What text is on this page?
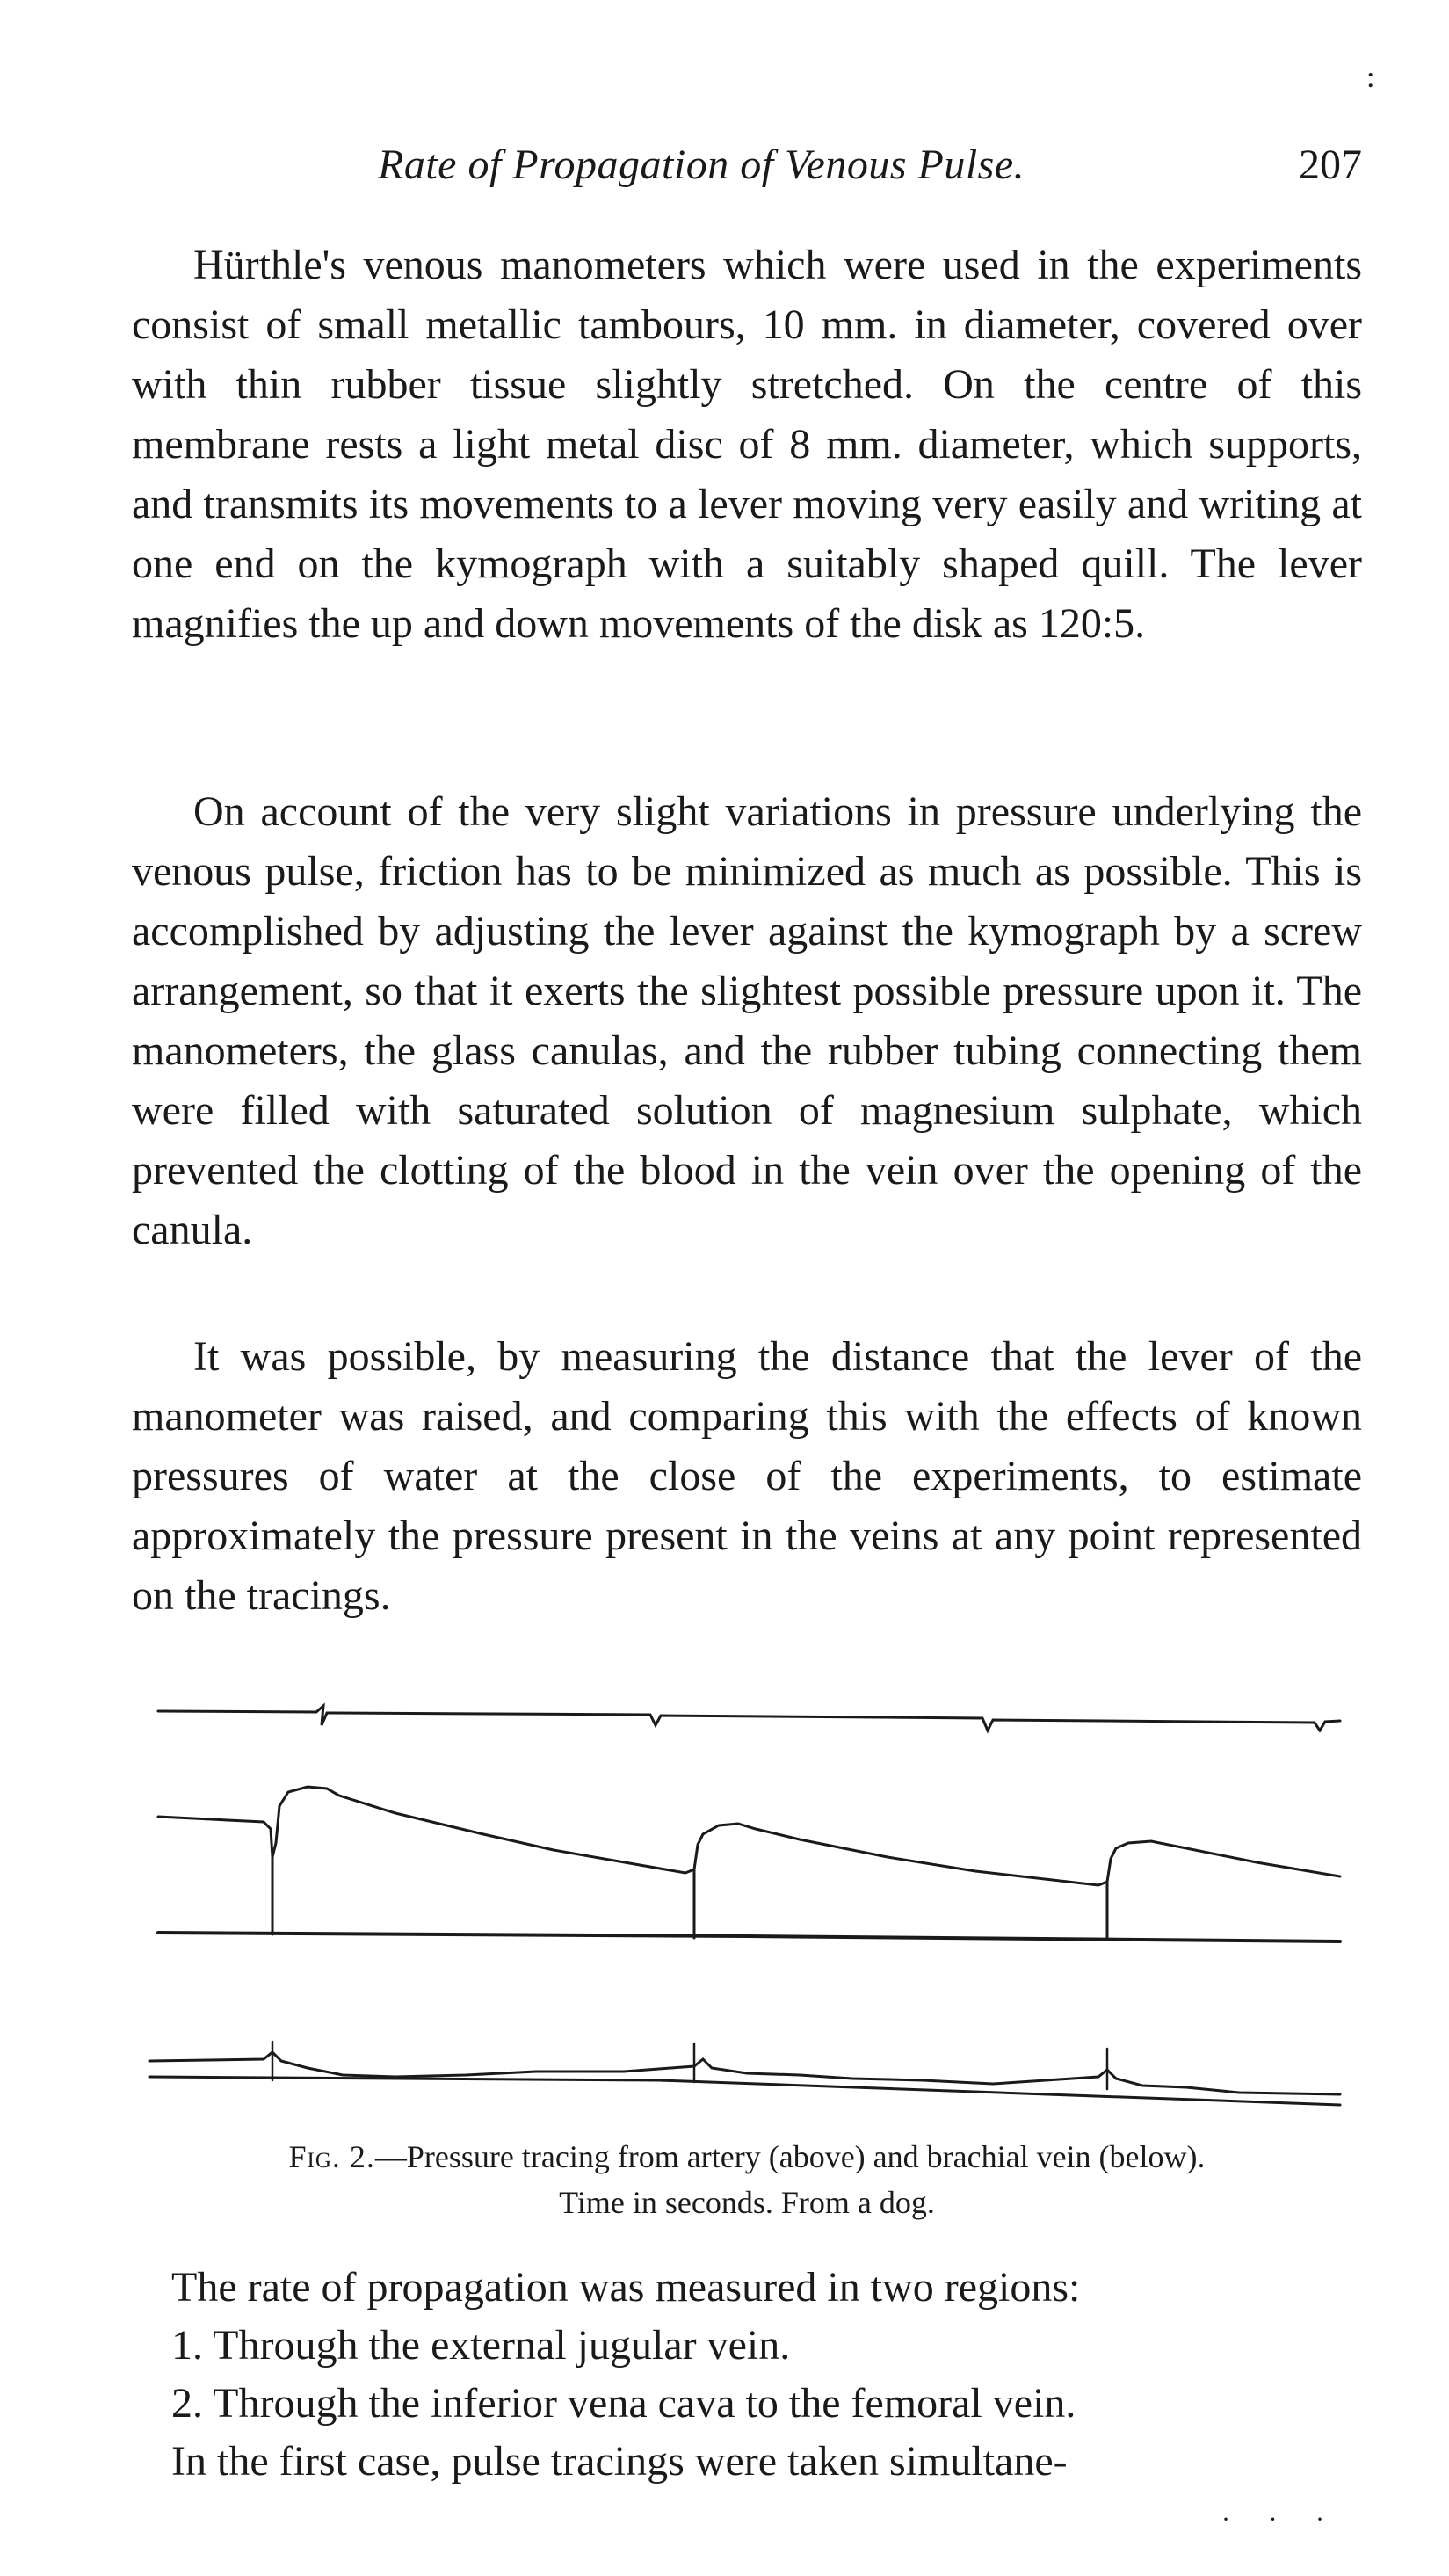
:
Rate of Propagation of Venous Pulse.	207

Hürthle's venous manometers which were used in the experiments consist of small metallic tambours, 10 mm. in diameter, covered over with thin rubber tissue slightly stretched. On the centre of this membrane rests a light metal disc of 8 mm. diameter, which supports, and transmits its movements to a lever moving very easily and writing at one end on the kymograph with a suitably shaped quill. The lever magnifies the up and down movements of the disk as 120:5.

On account of the very slight variations in pressure underlying the venous pulse, friction has to be minimized as much as possible. This is accomplished by adjusting the lever against the kymograph by a screw arrangement, so that it exerts the slightest possible pressure upon it. The manometers, the glass canulas, and the rubber tubing connecting them were filled with saturated solution of magnesium sulphate, which prevented the clotting of the blood in the vein over the opening of the canula.

It was possible, by measuring the distance that the lever of the manometer was raised, and comparing this with the effects of known pressures of water at the close of the experiments, to estimate approximately the pressure present in the veins at any point represented on the tracings.

Fig. 2.—Pressure tracing from artery (above) and brachial vein (below).
Time in seconds. From a dog.

The rate of propagation was measured in two regions:
1. Through the external jugular vein.
2. Through the inferior vena cava to the femoral vein.
In the first case, pulse tracings were taken simultane-

· · ·
